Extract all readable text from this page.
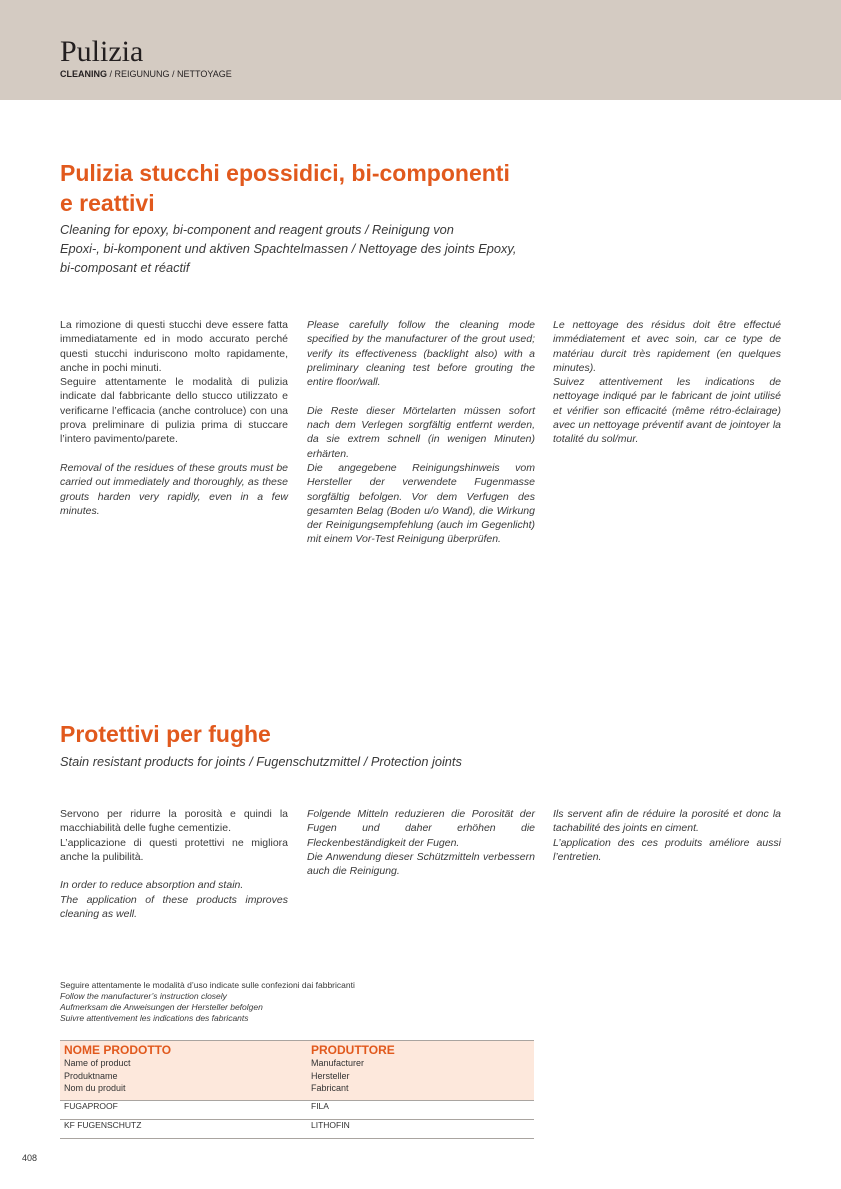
Pulizia
CLEANING / REIGUNUNG / NETTOYAGE
Pulizia stucchi epossidici, bi-componenti e reattivi
Cleaning for epoxy, bi-component and reagent grouts / Reinigung von
Epoxi-, bi-komponent und aktiven Spachtelmassen / Nettoyage des joints Epoxy,
bi-composant et réactif

La rimozione di questi stucchi deve essere fatta immediatamente ed in modo accurato perché questi stucchi induriscono molto rapidamente, anche in pochi minuti.

Seguire attentamente le modalità di pulizia indicate dal fabbricante dello stucco utilizzato e verificarne l’efficacia (anche controluce) con una prova preliminare di pulizia prima di stuccare l’intero pavimento/parete.

Removal of the residues of these grouts must be carried out immediately and thoroughly, as these grouts harden very rapidly, even in a few minutes.

Please carefully follow the cleaning mode specified by the manufacturer of the grout used; verify its effectiveness (backlight also) with a preliminary cleaning test before grouting the entire floor/wall.

Die Reste dieser Mörtelarten müssen sofort nach dem Verlegen sorgfältig entfernt werden, da sie extrem schnell (in wenigen Minuten) erhärten.

Die angegebene Reinigungshinweis vom Hersteller der verwendete Fugenmasse sorgfältig befolgen. Vor dem Verfugen des gesamten Belag (Boden u/o Wand), die Wirkung der Reinigungsempfehlung (auch im Gegenlicht) mit einem Vor-Test Reinigung überprüfen.

Le nettoyage des résidus doit être effectué immédiatement et avec soin, car ce type de matériau durcit très rapidement (en quelques minutes).

Suivez attentivement les indications de nettoyage indiqué par le fabricant de joint utilisé et vérifier son efficacité (même rétro-éclairage) avec un nettoyage préventif avant de jointoyer la totalité du sol/mur.

Protettivi per fughe
Stain resistant products for joints / Fugenschutzmittel / Protection joints

Servono per ridurre la porosità e quindi la macchiabilità delle fughe cementizie.

L’applicazione di questi protettivi ne migliora anche la pulibilità.

In order to reduce absorption and stain.

The application of these products improves cleaning as well.

Folgende Mitteln reduzieren die Porosität der Fugen und daher erhöhen die Fleckenbeständigkeit der Fugen.

Die Anwendung dieser Schützmitteln verbessern auch die Reinigung.

Ils servent afin de réduire la porosité et donc la tachabilité des joints en ciment.

L’application des ces produits améliore aussi l’entretien.

Seguire attentamente le modalità d’uso indicate sulle confezioni dai fabbricanti
Follow the manufacturer’s instruction closely
Aufmerksam die Anweisungen der Hersteller befolgen
Suivre attentivement les indications des fabricants
NOME PRODOTTO
Name of product
Produktname
Nom du produit
PRODUTTORE
Manufacturer
Hersteller
Fabricant
FUGAPROOF	FILA
KF FUGENSCHUTZ	LITHOFIN
408
